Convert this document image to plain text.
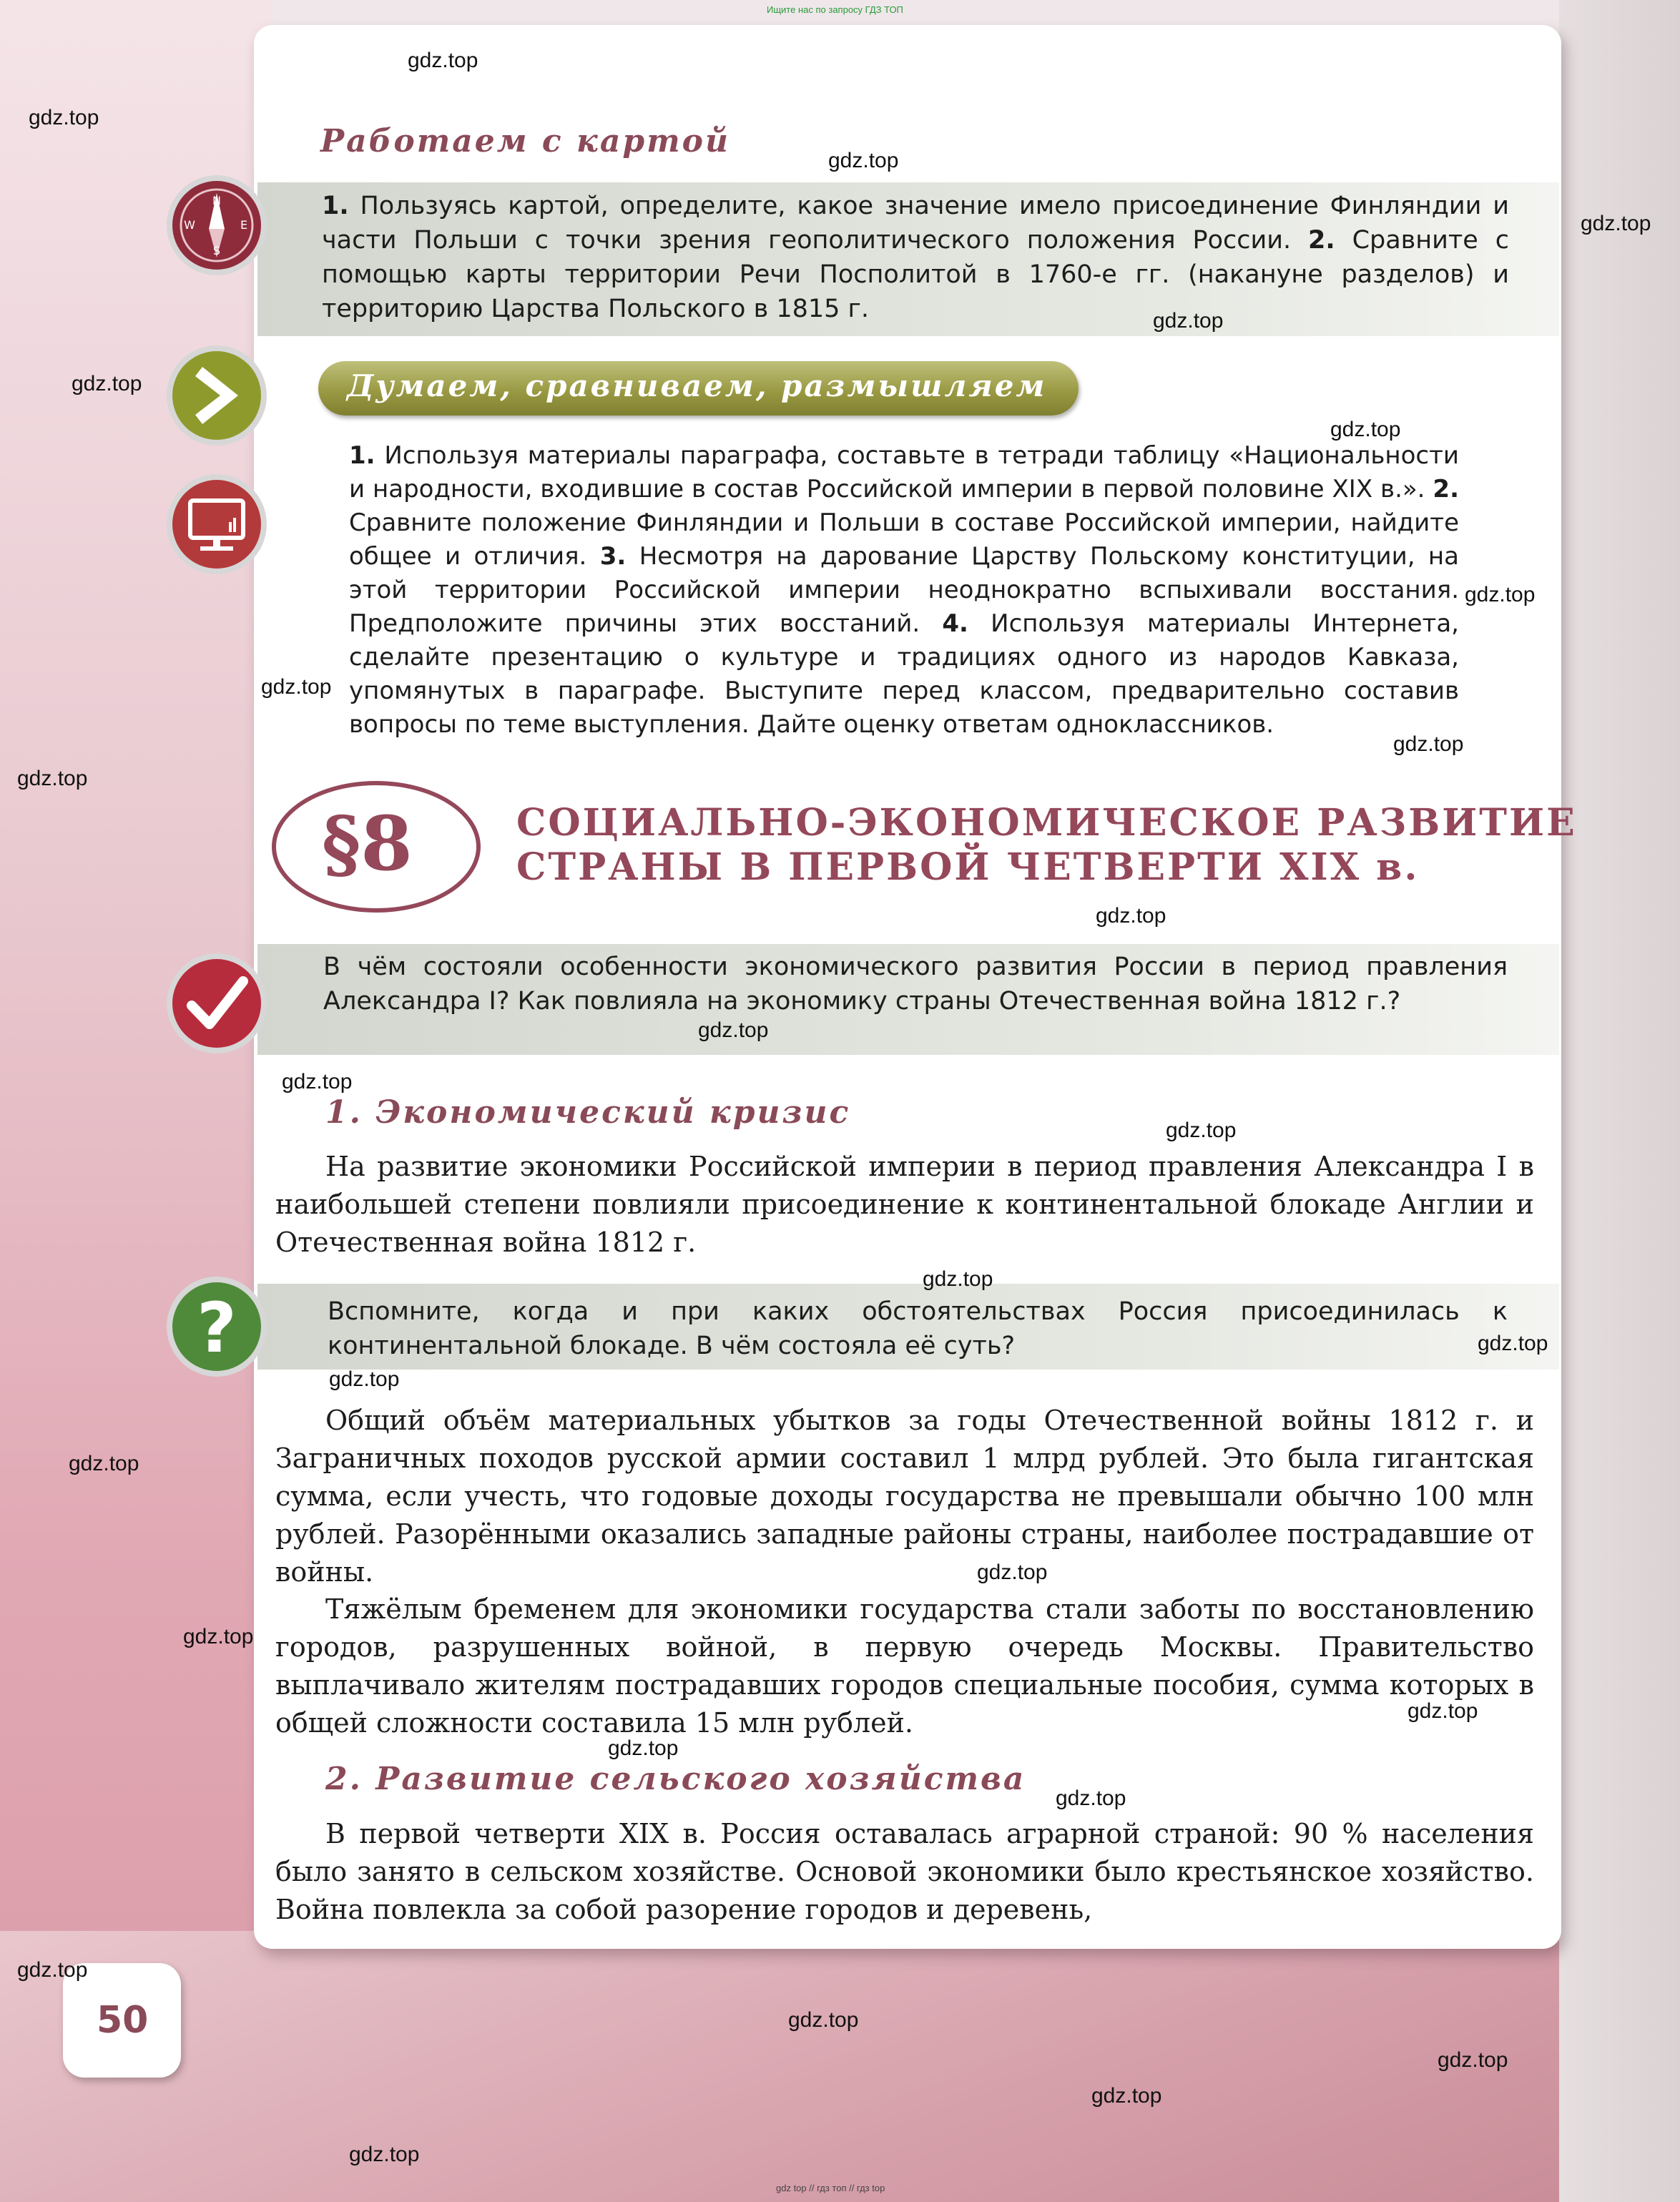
Ищите нас по запросу ГДЗ ТОП
Работаем с картой
N
E
W
S
1. Пользуясь картой, определите, какое значение имело присоединение Финляндии и части Польши с точки зрения геополитического положения России. 2. Сравните с помощью карты территории Речи Посполитой в 1760-е гг. (накануне разделов) и территорию Царства Польского в 1815 г.
Думаем, сравниваем, размышляем
1. Используя материалы параграфа, составьте в тетради таблицу «Национальности и народности, входившие в состав Российской империи в первой половине XIX в.». 2. Сравните положение Финляндии и Польши в составе Российской империи, найдите общее и отличия. 3. Несмотря на дарование Царству Польскому конституции, на этой территории Российской империи неоднократно вспыхивали восстания. Предположите причины этих восстаний. 4. Используя материалы Интернета, сделайте презентацию о культуре и традициях одного из народов Кавказа, упомянутых в параграфе. Выступите перед классом, предварительно составив вопросы по теме выступления. Дайте оценку ответам одноклассников.
§8	СОЦИАЛЬНО-ЭКОНОМИЧЕСКОЕ РАЗВИТИЕ
СТРАНЫ В ПЕРВОЙ ЧЕТВЕРТИ XIX в.
В чём состояли особенности экономического развития России в период правления Александра I? Как повлияла на экономику страны Отечественная война 1812 г.?
1. Экономический кризис
На развитие экономики Российской империи в период правления Александра I в наибольшей степени повлияли присоединение к континентальной блокаде Англии и Отечественная война 1812 г.
?	Вспомните, когда и при каких обстоятельствах Россия присоединилась к континентальной блокаде. В чём состояла её суть?
Общий объём материальных убытков за годы Отечественной войны 1812 г. и Заграничных походов русской армии составил 1 млрд рублей. Это была гигантская сумма, если учесть, что годовые доходы государства не превышали обычно 100 млн рублей. Разорёнными оказались западные районы страны, наиболее пострадавшие от войны.
Тяжёлым бременем для экономики государства стали заботы по восстановлению городов, разрушенных войной, в первую очередь Москвы. Правительство выплачивало жителям пострадавших городов специальные пособия, сумма которых в общей сложности составила 15 млн рублей.
2. Развитие сельского хозяйства
В первой четверти XIX в. Россия оставалась аграрной страной: 90 % населения было занято в сельском хозяйстве. Основой экономики было крестьянское хозяйство. Война повлекла за собой разорение городов и деревень,
50
gdz.top
gdz.top
gdz.top
gdz.top
gdz.top
gdz.top
gdz.top
gdz.top
gdz.top
gdz.top
gdz.top
gdz.top
gdz.top
gdz.top
gdz.top
gdz.top
gdz.top
gdz.top
gdz.top
gdz.top
gdz.top
gdz.top
gdz.top
gdz.top
gdz.top
gdz.top
gdz.top
gdz.top
gdz.top
gdz top // гдз топ // гдз top
